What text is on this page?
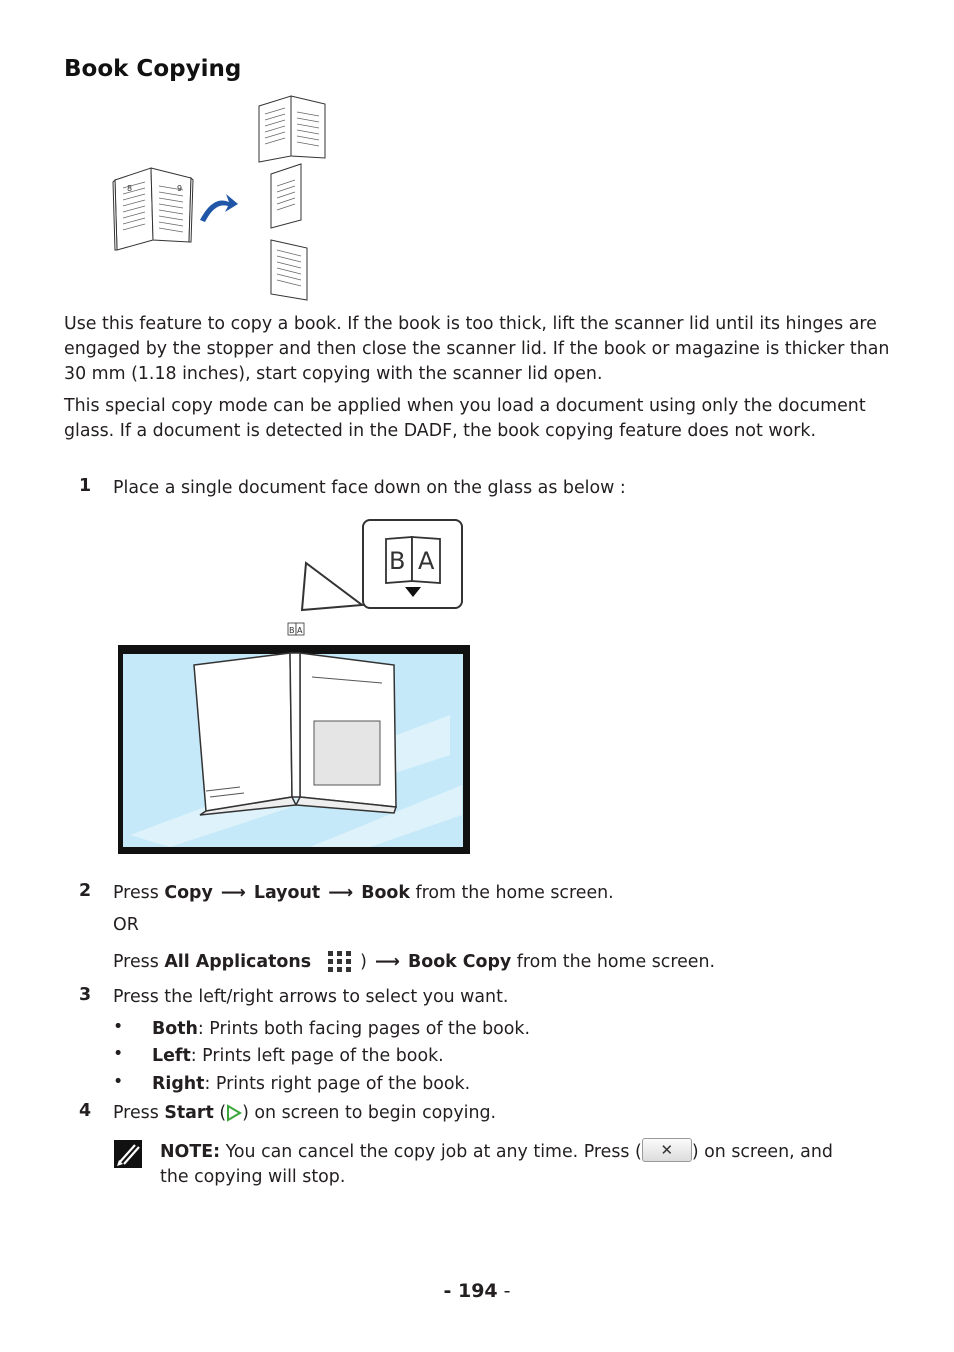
Book Copying
8	9

Use this feature to copy a book. If the book is too thick, lift the scanner lid until its hinges are engaged by the stopper and then close the scanner lid. If the book or magazine is thicker than 30 mm (1.18 inches), start copying with the scanner lid open.

This special copy mode can be applied when you load a document using only the document glass. If a document is detected in the DADF, the book copying feature does not work.

1 Place a single document face down on the glass as below :
B A
B A
2 Press Copy ⟶ Layout ⟶ Book from the home screen.
OR
Press All Applicatons	) ⟶ Book Copy from the home screen.
3 Press the left/right arrows to select you want.
• Both: Prints both facing pages of the book.
• Left: Prints left page of the book.
• Right: Prints right page of the book.
4 Press Start ( ) on screen to begin copying.
NOTE: You can cancel the copy job at any time. Press ( ✕ ) on screen, and
the copying will stop.
- 194 -
